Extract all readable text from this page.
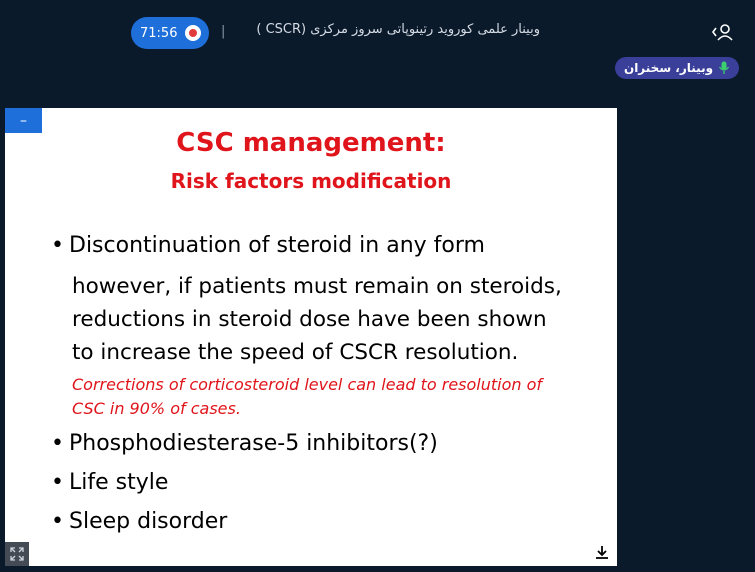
71:56	|	وبینار علمی کوروید رتینوپاتی سروز مرکزی (CSCR )
وبینار، سخنران
–
CSC management:
Risk factors modification
• Discontinuation of steroid in any form
however, if patients must remain on steroids,
reductions in steroid dose have been shown
to increase the speed of CSCR resolution.
Corrections of corticosteroid level can lead to resolution of
CSC in 90% of cases.
• Phosphodiesterase-5 inhibitors(?)
• Life style
• Sleep disorder
